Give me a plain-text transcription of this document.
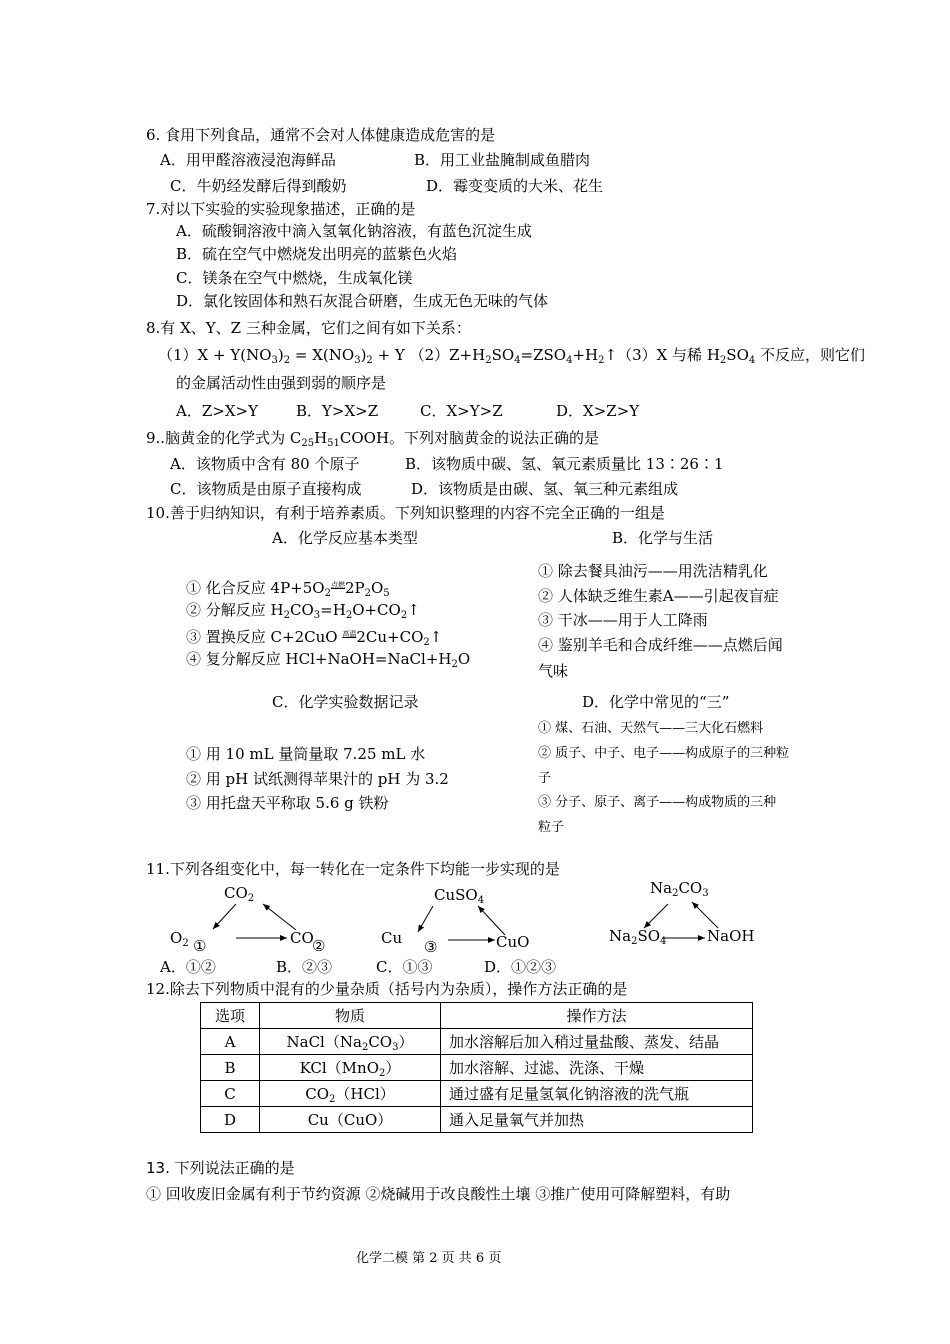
6. 食用下列食品，通常不会对人体健康造成危害的是
A．用甲醛溶液浸泡海鲜品	B．用工业盐腌制咸鱼腊肉
C．牛奶经发酵后得到酸奶	D．霉变变质的大米、花生
7.对以下实验的实验现象描述，正确的是
A．硫酸铜溶液中滴入氢氧化钠溶液，有蓝色沉淀生成
B．硫在空气中燃烧发出明亮的蓝紫色火焰
C．镁条在空气中燃烧，生成氧化镁
D．氯化铵固体和熟石灰混合研磨，生成无色无味的气体
8.有 X、Y、Z 三种金属，它们之间有如下关系：
$(1)X + Y(NO_3)_2 = X(NO_3)_2 + Y$ $(2)Z+H_2SO_4=ZSO_4+H_2↑(3)X$ 与稀 $H_2SO_4$ 不反应，则它们
的金属活动性由强到弱的顺序是
A．Z>X>Y	B．Y>X>Z	C．X>Y>Z	D．X>Z>Y
9..脑黄金的化学式为 $C_{25}H_{51}COOH$。下列对脑黄金的说法正确的是
A．该物质中含有 80 个原子	B．该物质中碳、氢、氧元素质量比 13∶26∶1
C．该物质是由原子直接构成	D．该物质是由碳、氢、氧三种元素组成
10.善于归纳知识，有利于培养素质。下列知识整理的内容不完全正确的一组是
A．化学反应基本类型	B．化学与生活
① 化合反应 $4P+5O_2^{点燃}2P_2O_5$
② 分解反应 $H_2CO_3=H_2O+CO_2↑$
③ 置换反应 C+2CuO $^{高温}2Cu+CO_2↑$
④ 复分解反应 $HCl+NaOH=NaCl+H_2O$
① 除去餐具油污——用洗洁精乳化
② 人体缺乏维生素A——引起夜盲症
③ 干冰——用于人工降雨
④ 鉴别羊毛和合成纤维——点燃后闻
气味
C．化学实验数据记录	D．化学中常见的“三”
① 用 10 mL 量筒量取 7.25 mL 水
② 用 pH 试纸测得苹果汁的 pH 为 3.2
③ 用托盘天平称取 5.6 g 铁粉
① 煤、石油、天然气——三大化石燃料
② 质子、中子、电子——构成原子的三种粒
子
③ 分子、原子、离子——构成物质的三种
粒子
11.下列各组变化中，每一转化在一定条件下均能一步实现的是
$CO_2$
$O_2$	CO
①	②
CuSO$_4$
Cu ③	CuO
$Na_2CO_3$
$Na_2SO_4$	NaOH
A．①②	B．②③	C．①③	D．①②③
12.除去下列物质中混有的少量杂质（括号内为杂质），操作方法正确的是
选项	物质	操作方法
A	$NaCl(Na_2CO_3)$	加水溶解后加入稍过量盐酸、蒸发、结晶
B	KCl（MnO$_2$）	加水溶解、过滤、洗涤、干燥
C	$CO_2(HCl)$	通过盛有足量氢氧化钠溶液的洗气瓶
D	Cu（CuO）	通入足量氧气并加热
13. 下列说法正确的是
① 回收废旧金属有利于节约资源 ②烧碱用于改良酸性土壤 ③推广使用可降解塑料，有助
化学二模 第 2 页 共 6 页
